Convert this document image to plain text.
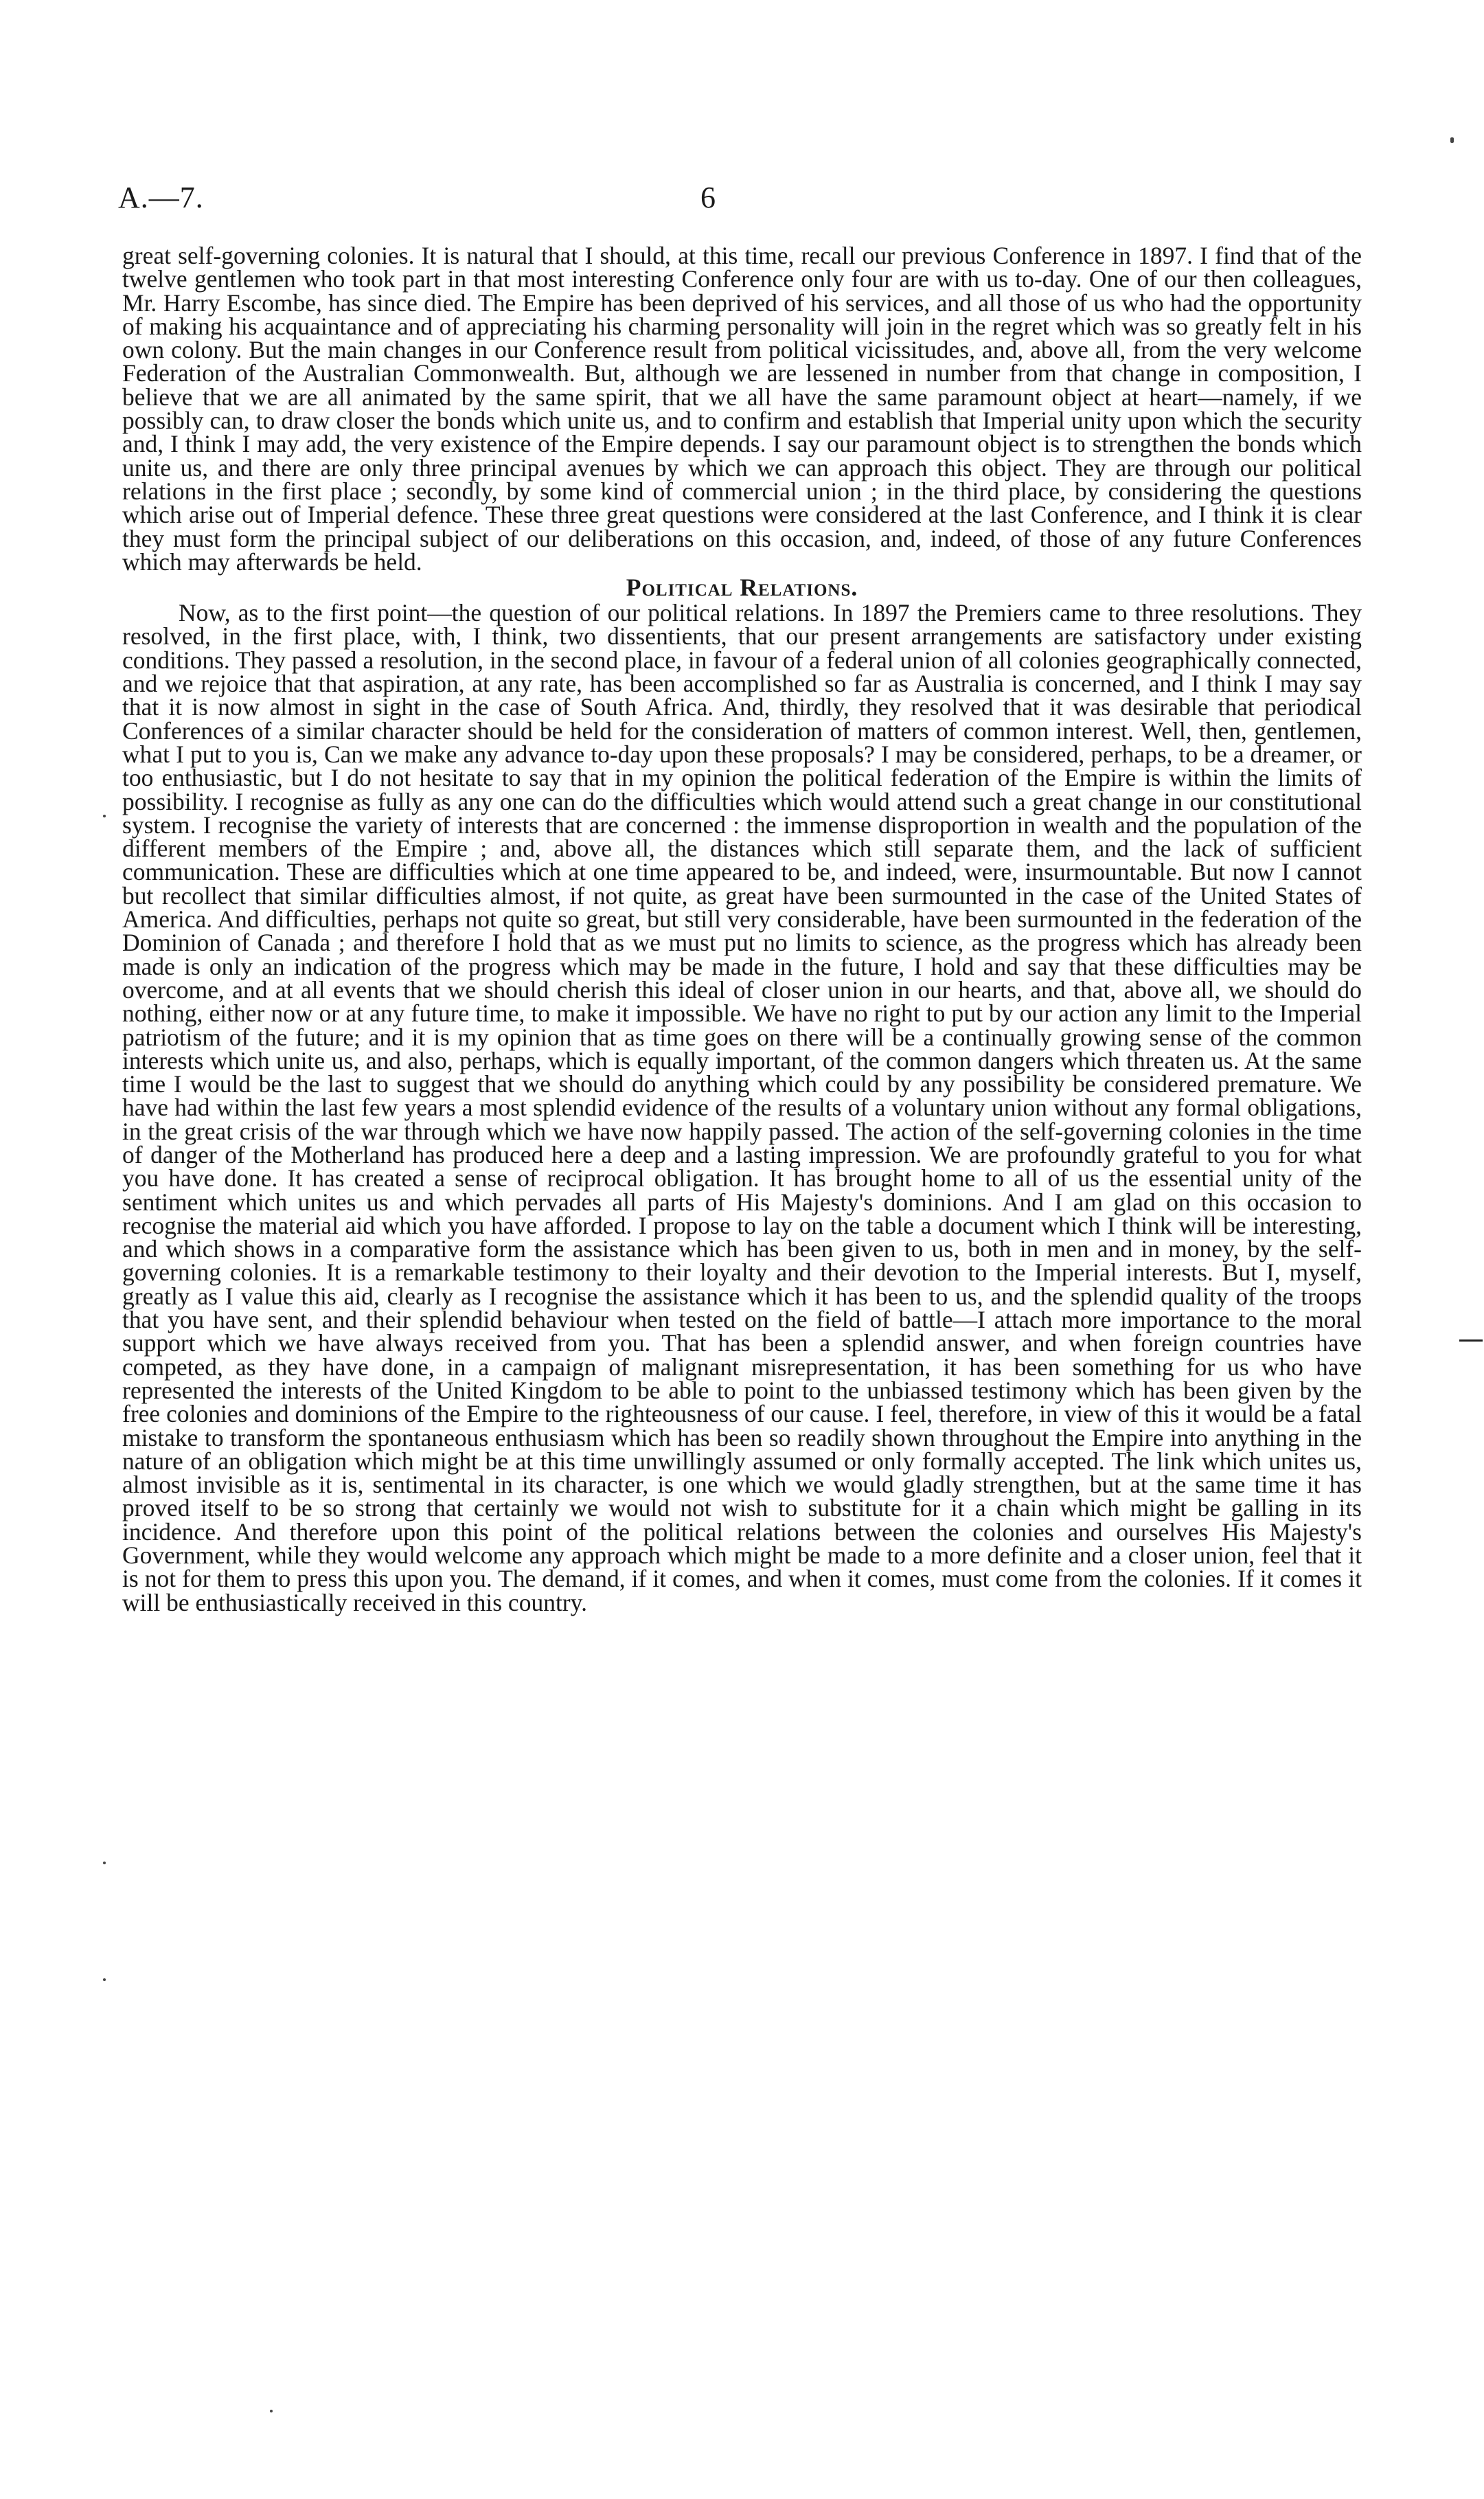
A.—7.	6

great self-governing colonies. It is natural that I should, at this time, recall our previous Conference in 1897. I find that of the twelve gentlemen who took part in that most interesting Conference only four are with us to-day. One of our then colleagues, Mr. Harry Escombe, has since died. The Empire has been deprived of his services, and all those of us who had the opportunity of making his acquaintance and of appreciating his charming personality will join in the regret which was so greatly felt in his own colony. But the main changes in our Conference result from political vicissitudes, and, above all, from the very welcome Federation of the Australian Commonwealth. But, although we are lessened in number from that change in composition, I believe that we are all animated by the same spirit, that we all have the same paramount object at heart—namely, if we possibly can, to draw closer the bonds which unite us, and to confirm and establish that Imperial unity upon which the security and, I think I may add, the very existence of the Empire depends. I say our paramount object is to strengthen the bonds which unite us, and there are only three principal avenues by which we can approach this object. They are through our political relations in the first place ; secondly, by some kind of commercial union ; in the third place, by considering the questions which arise out of Imperial defence. These three great questions were considered at the last Conference, and I think it is clear they must form the principal subject of our deliberations on this occasion, and, indeed, of those of any future Conferences which may afterwards be held.

Political Relations.

Now, as to the first point—the question of our political relations. In 1897 the Premiers came to three resolutions. They resolved, in the first place, with, I think, two dissentients, that our present arrangements are satisfactory under existing conditions. They passed a resolution, in the second place, in favour of a federal union of all colonies geographically connected, and we rejoice that that aspiration, at any rate, has been accomplished so far as Australia is concerned, and I think I may say that it is now almost in sight in the case of South Africa. And, thirdly, they resolved that it was desirable that periodical Conferences of a similar character should be held for the consideration of matters of common interest. Well, then, gentlemen, what I put to you is, Can we make any advance to-day upon these proposals? I may be considered, perhaps, to be a dreamer, or too enthusiastic, but I do not hesitate to say that in my opinion the political federation of the Empire is within the limits of possibility. I recognise as fully as any one can do the difficulties which would attend such a great change in our constitutional system. I recognise the variety of interests that are concerned : the immense disproportion in wealth and the population of the different members of the Empire ; and, above all, the distances which still separate them, and the lack of sufficient communication. These are difficulties which at one time appeared to be, and indeed, were, insurmountable. But now I cannot but recollect that similar difficulties almost, if not quite, as great have been surmounted in the case of the United States of America. And difficulties, perhaps not quite so great, but still very considerable, have been surmounted in the federation of the Dominion of Canada ; and therefore I hold that as we must put no limits to science, as the progress which has already been made is only an indication of the progress which may be made in the future, I hold and say that these difficulties may be overcome, and at all events that we should cherish this ideal of closer union in our hearts, and that, above all, we should do nothing, either now or at any future time, to make it impossible. We have no right to put by our action any limit to the Imperial patriotism of the future; and it is my opinion that as time goes on there will be a continually growing sense of the common interests which unite us, and also, perhaps, which is equally important, of the common dangers which threaten us. At the same time I would be the last to suggest that we should do anything which could by any possibility be considered premature. We have had within the last few years a most splendid evidence of the results of a voluntary union without any formal obligations, in the great crisis of the war through which we have now happily passed. The action of the self-governing colonies in the time of danger of the Motherland has produced here a deep and a lasting impression. We are profoundly grateful to you for what you have done. It has created a sense of reciprocal obligation. It has brought home to all of us the essential unity of the sentiment which unites us and which pervades all parts of His Majesty's dominions. And I am glad on this occasion to recognise the material aid which you have afforded. I propose to lay on the table a document which I think will be interesting, and which shows in a comparative form the assistance which has been given to us, both in men and in money, by the self-governing colonies. It is a remarkable testimony to their loyalty and their devotion to the Imperial interests. But I, myself, greatly as I value this aid, clearly as I recognise the assistance which it has been to us, and the splendid quality of the troops that you have sent, and their splendid behaviour when tested on the field of battle—I attach more importance to the moral support which we have always received from you. That has been a splendid answer, and when foreign countries have competed, as they have done, in a campaign of malignant misrepresentation, it has been something for us who have represented the interests of the United Kingdom to be able to point to the unbiassed testimony which has been given by the free colonies and dominions of the Empire to the righteousness of our cause. I feel, therefore, in view of this it would be a fatal mistake to transform the spontaneous enthusiasm which has been so readily shown throughout the Empire into anything in the nature of an obligation which might be at this time unwillingly assumed or only formally accepted. The link which unites us, almost invisible as it is, sentimental in its character, is one which we would gladly strengthen, but at the same time it has proved itself to be so strong that certainly we would not wish to substitute for it a chain which might be galling in its incidence. And therefore upon this point of the political relations between the colonies and ourselves His Majesty's Government, while they would welcome any approach which might be made to a more definite and a closer union, feel that it is not for them to press this upon you. The demand, if it comes, and when it comes, must come from the colonies. If it comes it will be enthusiastically received in this country.
